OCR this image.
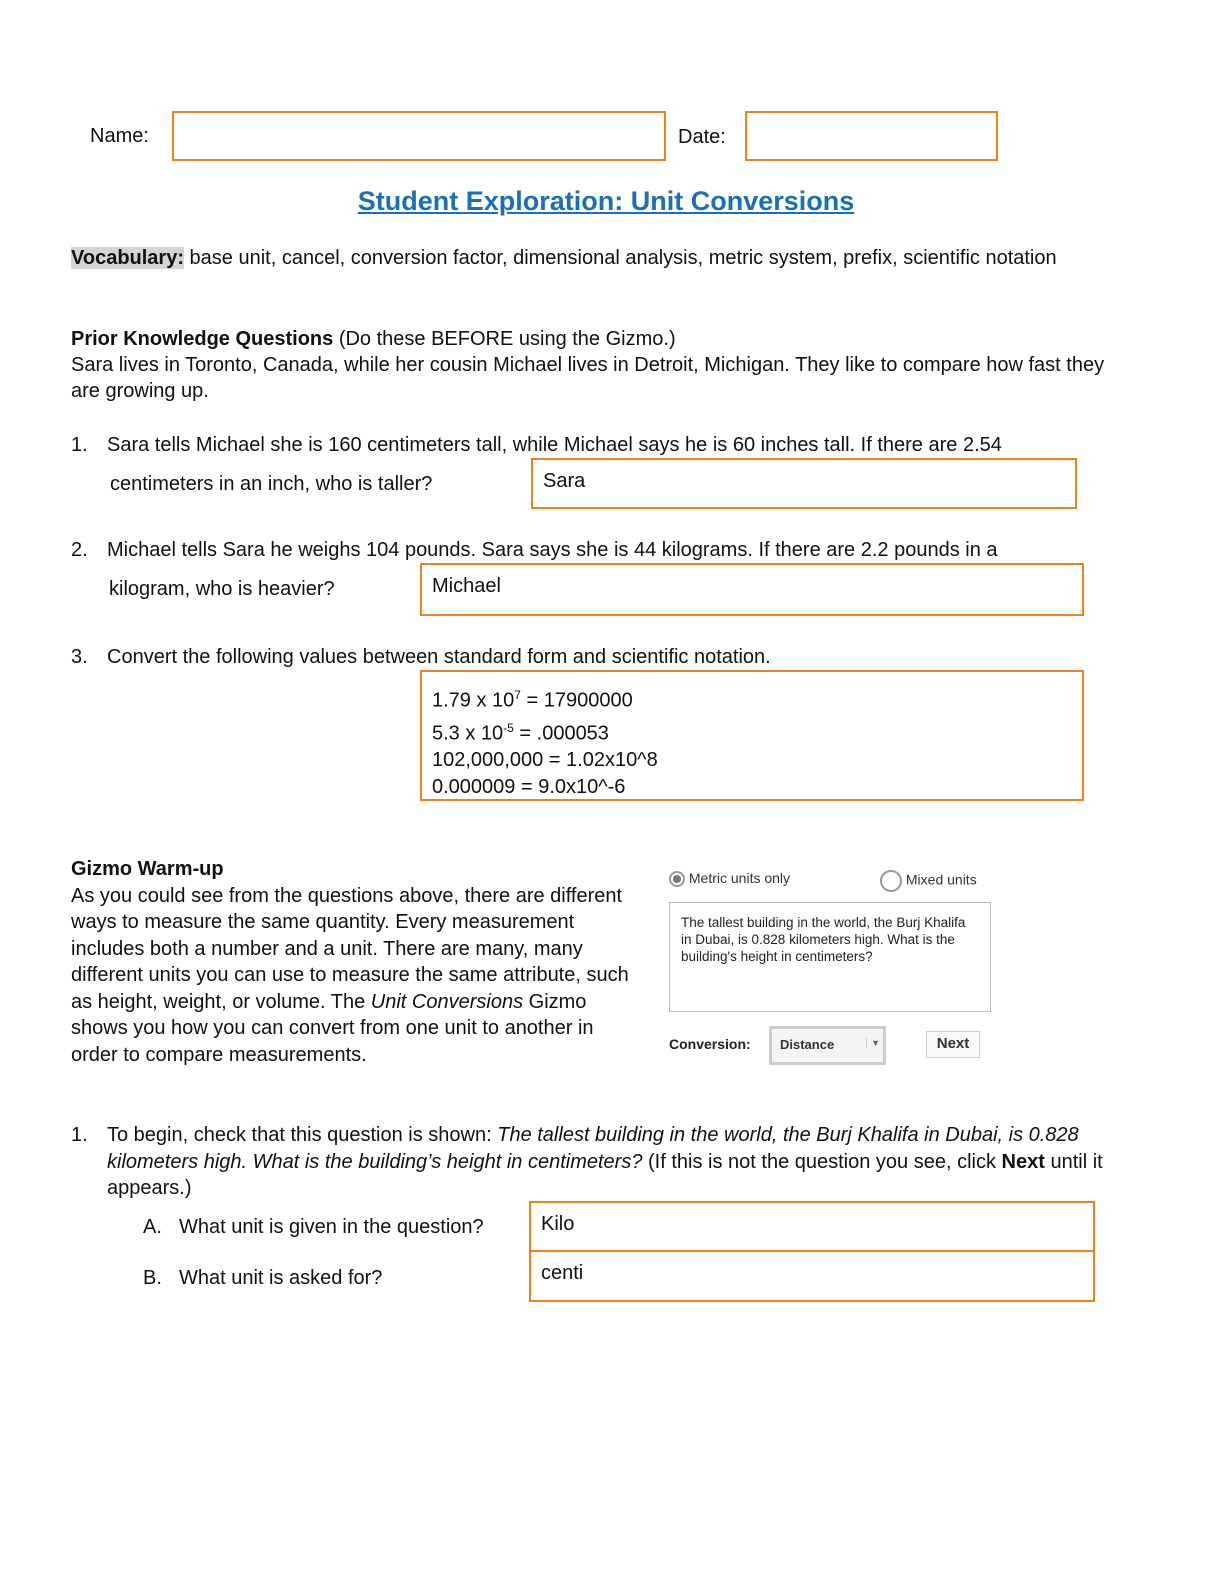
Name:	Date:
Student Exploration: Unit Conversions
Vocabulary: base unit, cancel, conversion factor, dimensional analysis, metric system, prefix, scientific notation
Prior Knowledge Questions (Do these BEFORE using the Gizmo.)
Sara lives in Toronto, Canada, while her cousin Michael lives in Detroit, Michigan. They like to compare how fast they are growing up.
1. Sara tells Michael she is 160 centimeters tall, while Michael says he is 60 inches tall. If there are 2.54
centimeters in an inch, who is taller?	Sara
2. Michael tells Sara he weighs 104 pounds. Sara says she is 44 kilograms. If there are 2.2 pounds in a
kilogram, who is heavier?	Michael
3. Convert the following values between standard form and scientific notation.
1.79 x $10^7 = 17900000$
5.3 x $10^{-5} = .000053$
102,000,000 = 1.02x10^8
0.000009 = 9.0x10^-6
Gizmo Warm-up
As you could see from the questions above, there are different ways to measure the same quantity. Every measurement includes both a number and a unit. There are many, many different units you can use to measure the same attribute, such as height, weight, or volume. The Unit Conversions Gizmo shows you how you can convert from one unit to another in order to compare measurements.
Metric units only	Mixed units
The tallest building in the world, the Burj Khalifa in Dubai, is 0.828 kilometers high. What is the building's height in centimeters?
Conversion:	Distance	▼	Next
1. To begin, check that this question is shown: The tallest building in the world, the Burj Khalifa in Dubai, is 0.828 kilometers high. What is the building’s height in centimeters? (If this is not the question you see, click Next until it appears.)
A. What unit is given in the question?	Kilo
B. What unit is asked for?	centi
